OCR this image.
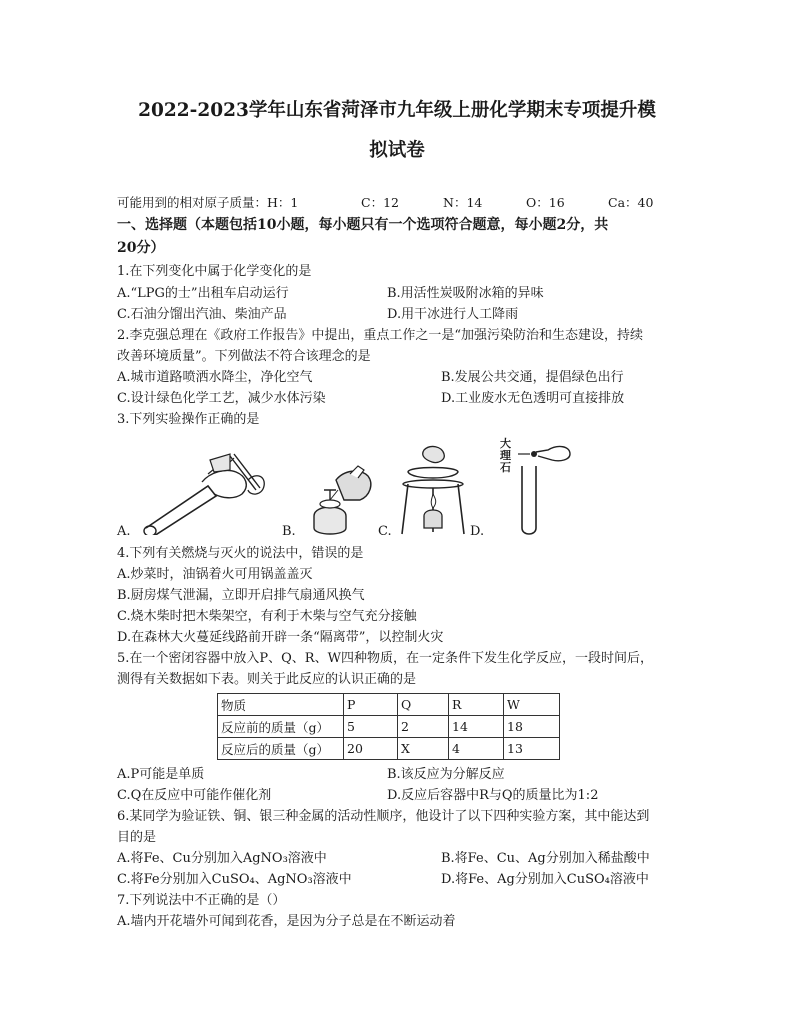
2022-2023学年山东省菏泽市九年级上册化学期末专项提升模
拟试卷
可能用到的相对原子质量：H：1	C：12	N：14	O：16	Ca：40
一、选择题（本题包括10小题，每小题只有一个选项符合题意，每小题2分，共
20分）
1.在下列变化中属于化学变化的是
A.“LPG的士”出租车启动运行	B.用活性炭吸附冰箱的异味
C.石油分馏出汽油、柴油产品	D.用干冰进行人工降雨
2.李克强总理在《政府工作报告》中提出，重点工作之一是“加强污染防治和生态建设，持续
改善环境质量”。下列做法不符合该理念的是
A.城市道路喷洒水降尘，净化空气	B.发展公共交通，提倡绿色出行
C.设计绿色化学工艺，减少水体污染	D.工业废水无色透明可直接排放
3.下列实验操作正确的是
A.	B.	C.
大理石
D.
4.下列有关燃烧与灭火的说法中，错误的是
A.炒菜时，油锅着火可用锅盖盖灭
B.厨房煤气泄漏，立即开启排气扇通风换气
C.烧木柴时把木柴架空，有利于木柴与空气充分接触
D.在森林大火蔓延线路前开辟一条“隔离带”，以控制火灾
5.在一个密闭容器中放入P、Q、R、W四种物质，在一定条件下发生化学反应，一段时间后，
测得有关数据如下表。则关于此反应的认识正确的是
物质	P	Q	R	W
反应前的质量（g）	5	2	14	18
反应后的质量（g）	20	X	4	13
A.P可能是单质	B.该反应为分解反应
C.Q在反应中可能作催化剂	D.反应后容器中R与Q的质量比为1:2
6.某同学为验证铁、铜、银三种金属的活动性顺序，他设计了以下四种实验方案，其中能达到
目的是
A.将Fe、Cu分别加入AgNO₃溶液中	B.将Fe、Cu、Ag分别加入稀盐酸中
C.将Fe分别加入CuSO₄、AgNO₃溶液中	D.将Fe、Ag分别加入CuSO₄溶液中
7.下列说法中不正确的是（）
A.墙内开花墙外可闻到花香，是因为分子总是在不断运动着
